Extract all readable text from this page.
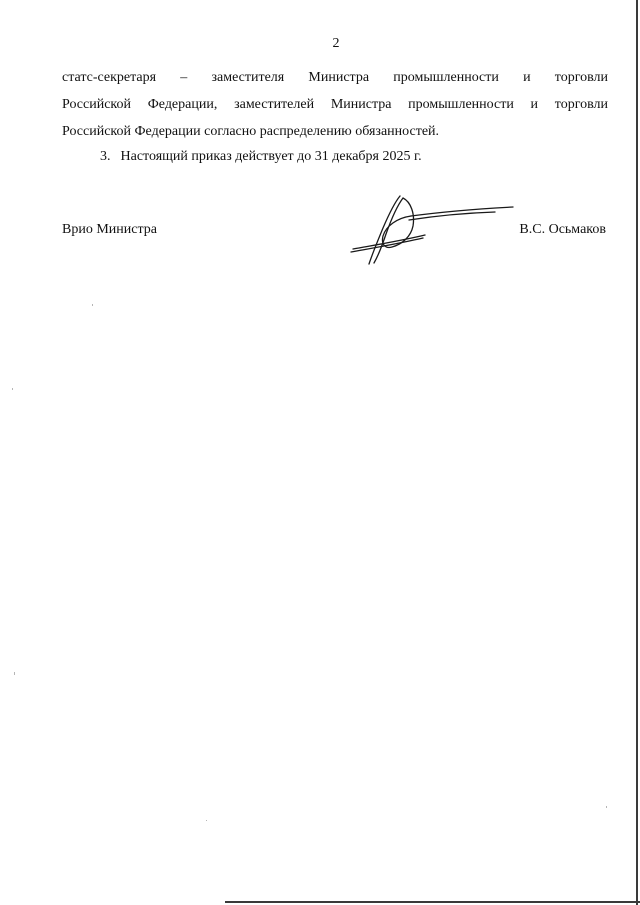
2

статс-секретаря – заместителя Министра промышленности и торговли
Российской Федерации, заместителей Министра промышленности и торговли
Российской Федерации согласно распределению обязанностей.

3. Настоящий приказ действует до 31 декабря 2025 г.
Врио Министра	В.С. Осьмаков
